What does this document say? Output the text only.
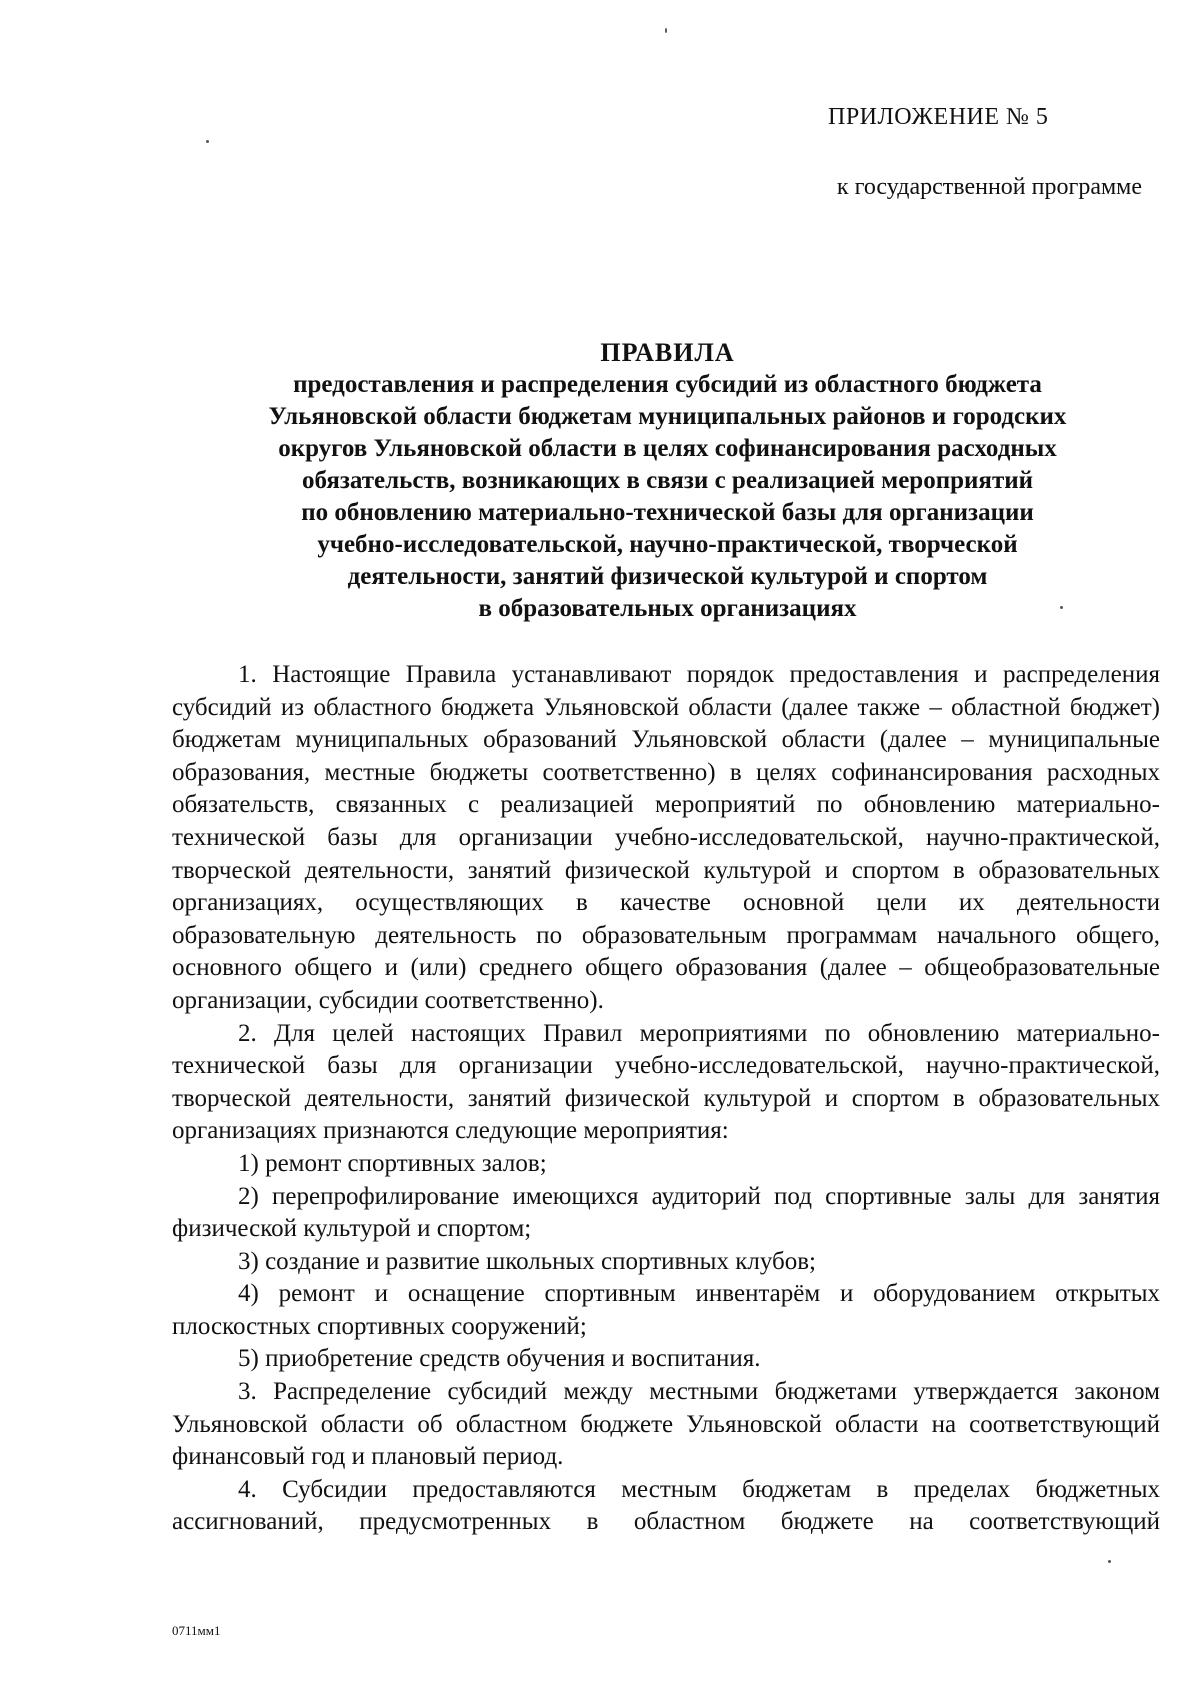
ПРИЛОЖЕНИЕ № 5
к государственной программе
ПРАВИЛА
предоставления и распределения субсидий из областного бюджета
Ульяновской области бюджетам муниципальных районов и городских
округов Ульяновской области в целях софинансирования расходных
обязательств, возникающих в связи с реализацией мероприятий
по обновлению материально-технической базы для организации
учебно-исследовательской, научно-практической, творческой
деятельности, занятий физической культурой и спортом
в образовательных организациях

1. Настоящие Правила устанавливают порядок предоставления и распределения субсидий из областного бюджета Ульяновской области (далее также – областной бюджет) бюджетам муниципальных образований Ульяновской области (далее – муниципальные образования, местные бюджеты соответственно) в целях софинансирования расходных обязательств, связанных с реализацией мероприятий по обновлению материально-технической базы для организации учебно-исследовательской, научно-практической, творческой деятельности, занятий физической культурой и спортом в образовательных организациях, осуществляющих в качестве основной цели их деятельности образовательную деятельность по образовательным программам начального общего, основного общего и (или) среднего общего образования (далее – общеобразовательные организации, субсидии соответственно).

2. Для целей настоящих Правил мероприятиями по обновлению материально-технической базы для организации учебно-исследовательской, научно-практической, творческой деятельности, занятий физической культурой и спортом в образовательных организациях признаются следующие мероприятия:

1) ремонт спортивных залов;

2) перепрофилирование имеющихся аудиторий под спортивные залы для занятия физической культурой и спортом;

3) создание и развитие школьных спортивных клубов;

4) ремонт и оснащение спортивным инвентарём и оборудованием открытых плоскостных спортивных сооружений;

5) приобретение средств обучения и воспитания.

3. Распределение субсидий между местными бюджетами утверждается законом Ульяновской области об областном бюджете Ульяновской области на соответствующий финансовый год и плановый период.

4. Субсидии предоставляются местным бюджетам в пределах бюджетных ассигнований, предусмотренных в областном бюджете на соответствующий

0711мм1
